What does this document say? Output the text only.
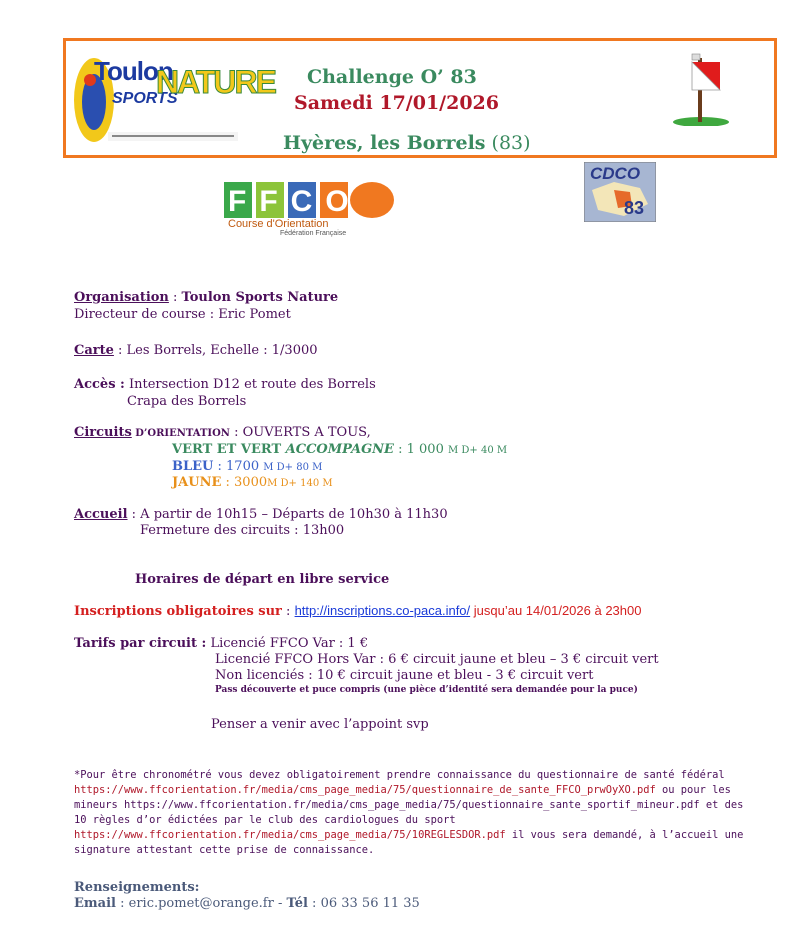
Toulon
SPORTS
NATURE Challenge O’ 83
Samedi 17/01/2026
Hyères, les Borrels (83)
FFCO
Course d'Orientation
Fédération Française
CDCO
83
Organisation : Toulon Sports Nature
Directeur de course : Eric Pomet
Carte : Les Borrels, Echelle : 1/3000
Accès : Intersection D12 et route des Borrels
Crapa des Borrels
Circuits D’ORIENTATION : OUVERTS A TOUS,
VERT ET VERT ACCOMPAGNE : 1 000 M D+ 40 M
BLEU : 1700 M D+ 80 M
JAUNE : 3000M D+ 140 M
Accueil : A partir de 10h15 – Départs de 10h30 à 11h30
Fermeture des circuits : 13h00
Horaires de départ en libre service
Inscriptions obligatoires sur : http://inscriptions.co-paca.info/ jusqu’au 14/01/2026 à 23h00
Tarifs par circuit : Licencié FFCO Var : 1 €
Licencié FFCO Hors Var : 6 € circuit jaune et bleu – 3 € circuit vert
Non licenciés : 10 € circuit jaune et bleu - 3 € circuit vert
Pass découverte et puce compris (une pièce d’identité sera demandée pour la puce)
Penser a venir avec l’appoint svp
*Pour être chronométré vous devez obligatoirement prendre connaissance du questionnaire de santé fédéral
https://www.ffcorientation.fr/media/cms_page_media/75/questionnaire_de_sante_FFCO_prwOyXO.pdf ou pour les
mineurs https://www.ffcorientation.fr/media/cms_page_media/75/questionnaire_sante_sportif_mineur.pdf et des
10 règles d’or édictées par le club des cardiologues du sport
https://www.ffcorientation.fr/media/cms_page_media/75/10REGLESDOR.pdf il vous sera demandé, à l’accueil une
signature attestant cette prise de connaissance.
Renseignements:
Email : eric.pomet@orange.fr - Tél : 06 33 56 11 35
